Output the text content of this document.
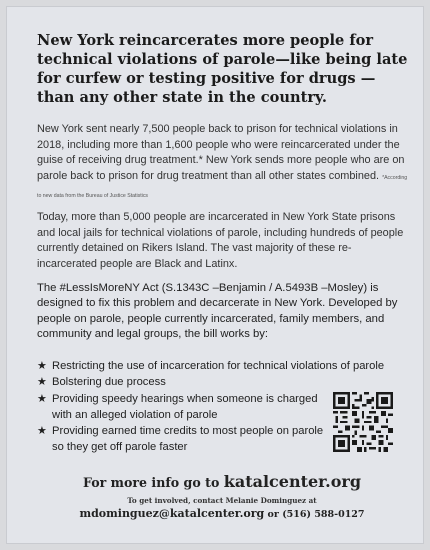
New York reincarcerates more people for technical violations of parole—like being late for curfew or testing positive for drugs —than any other state in the country.

New York sent nearly 7,500 people back to prison for technical violations in 2018, including more than 1,600 people who were reincarcerated under the guise of receiving drug treatment.* New York sends more people who are on parole back to prison for drug treatment than all other states combined. *According to new data from the Bureau of Justice Statistics

Today, more than 5,000 people are incarcerated in New York State prisons and local jails for technical violations of parole, including hundreds of people currently detained on Rikers Island. The vast majority of these re-incarcerated people are Black and Latinx.

The #LessIsMoreNY Act (S.1343C –Benjamin / A.5493B –Mosley) is designed to fix this problem and decarcerate in New York. Developed by people on parole, people currently incarcerated, family members, and community and legal groups, the bill works by:

★ Restricting the use of incarceration for technical violations of parole
★ Bolstering due process
★ Providing speedy hearings when someone is charged with an alleged violation of parole
★ Providing earned time credits to most people on parole so they get off parole faster

For more info go to katalcenter.org

To get involved, contact Melanie Dominguez at

mdominguez@katalcenter.org or (516) 588-0127
